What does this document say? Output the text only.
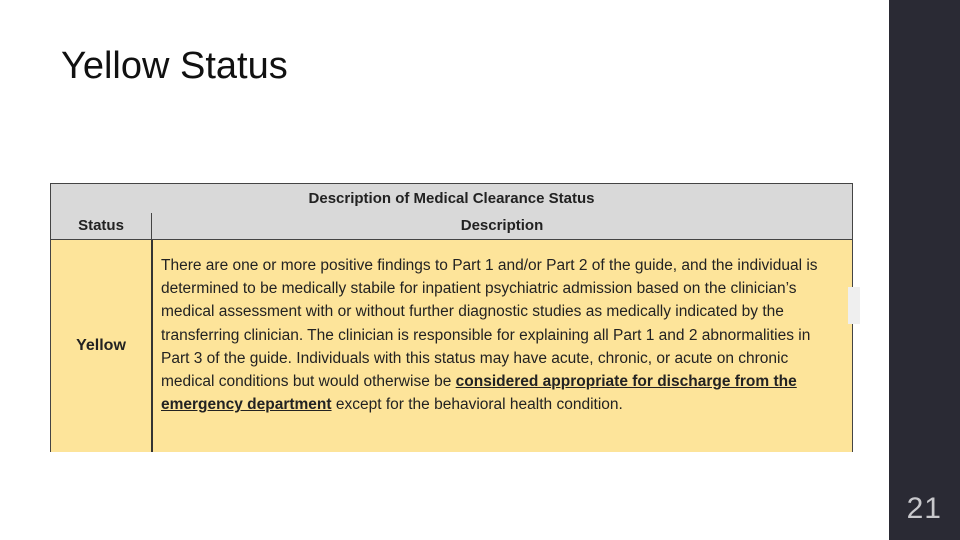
Yellow Status
Description of Medical Clearance Status
Status	Description
Yellow
There are one or more positive findings to Part 1 and/or Part 2 of the guide, and the individual is determined to be medically stabile for inpatient psychiatric admission based on the clinician’s medical assessment with or without further diagnostic studies as medically indicated by the transferring clinician. The clinician is responsible for explaining all Part 1 and 2 abnormalities in Part 3 of the guide. Individuals with this status may have acute, chronic, or acute on chronic medical conditions but would otherwise be considered appropriate for discharge from the emergency department except for the behavioral health condition.
21
